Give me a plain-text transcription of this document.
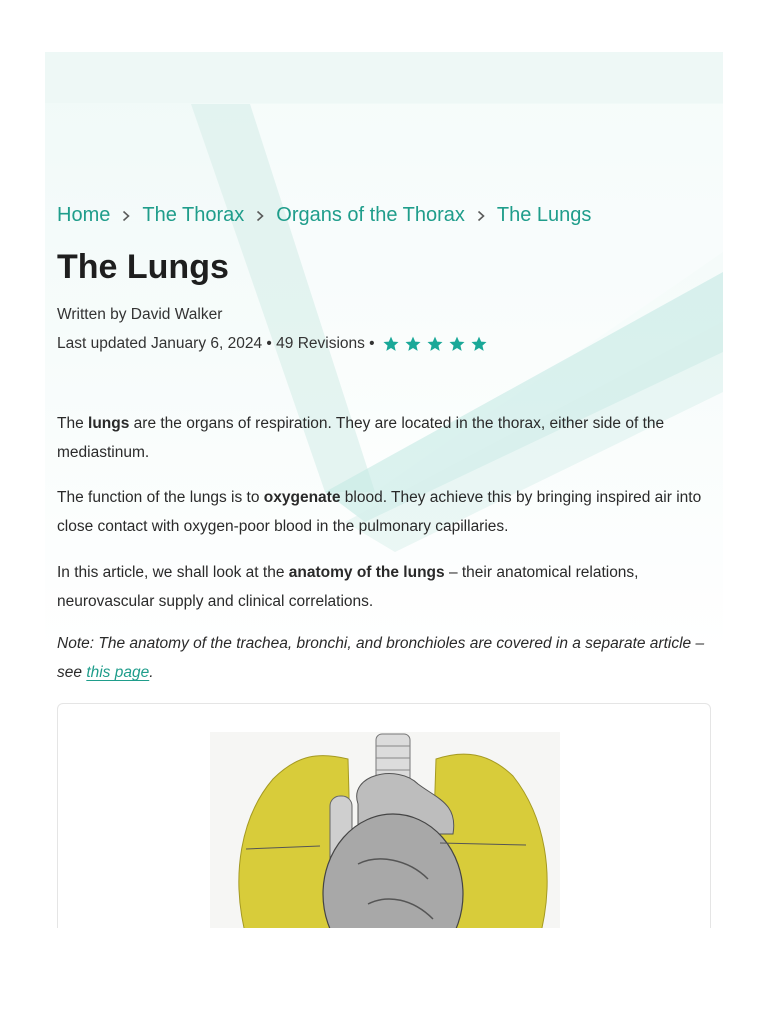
Home The Thorax Organs of the Thorax The Lungs
The Lungs
Written by David Walker
Last updated January 6, 2024 • 49 Revisions •

The lungs are the organs of respiration. They are located in the thorax, either side of the mediastinum.

The function of the lungs is to oxygenate blood. They achieve this by bringing inspired air into close contact with oxygen-poor blood in the pulmonary capillaries.

In this article, we shall look at the anatomy of the lungs – their anatomical relations, neurovascular supply and clinical correlations.

Note: The anatomy of the trachea, bronchi, and bronchioles are covered in a separate article – see this page.
